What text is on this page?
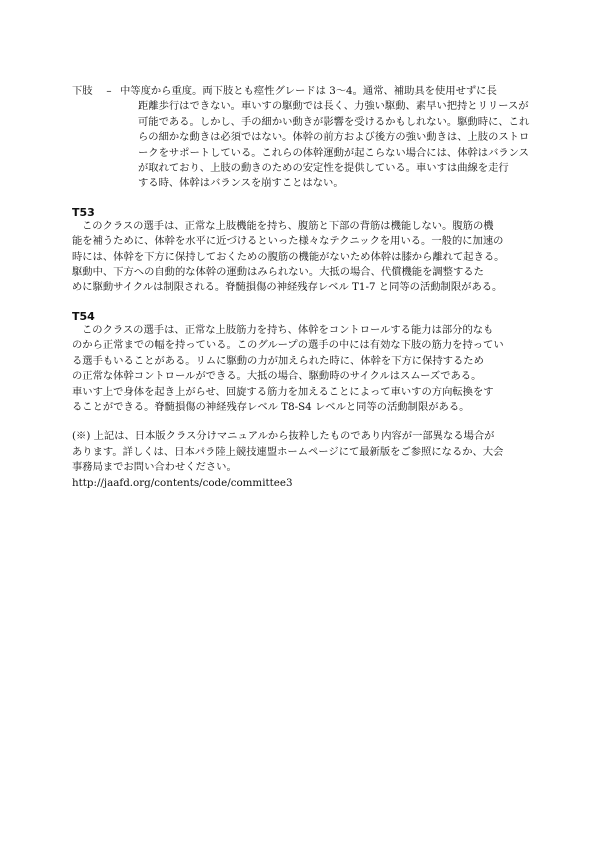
下肢	– 中等度から重度。両下肢とも痙性グレードは 3～4。通常、補助具を使用せずに長
距離歩行はできない。車いすの駆動では長く、力強い駆動、素早い把持とリリースが
可能である。しかし、手の細かい動きが影響を受けるかもしれない。駆動時に、これ
らの細かな動きは必須ではない。体幹の前方および後方の強い動きは、上肢のストロ
ークをサポートしている。これらの体幹運動が起こらない場合には、体幹はバランス
が取れており、上肢の動きのための安定性を提供している。車いすは曲線を走行
する時、体幹はバランスを崩すことはない。
T53
このクラスの選手は、正常な上肢機能を持ち、腹筋と下部の背筋は機能しない。腹筋の機
能を補うために、体幹を水平に近づけるといった様々なテクニックを用いる。一般的に加速の
時には、体幹を下方に保持しておくための腹筋の機能がないため体幹は膝から離れて起きる。
駆動中、下方への自動的な体幹の運動はみられない。大抵の場合、代償機能を調整するた
めに駆動サイクルは制限される。脊髄損傷の神経残存レベル T1-7 と同等の活動制限がある。
T54
このクラスの選手は、正常な上肢筋力を持ち、体幹をコントロールする能力は部分的なも
のから正常までの幅を持っている。このグループの選手の中には有効な下肢の筋力を持ってい
る選手もいることがある。リムに駆動の力が加えられた時に、体幹を下方に保持するため
の正常な体幹コントロールができる。大抵の場合、駆動時のサイクルはスムーズである。
車いす上で身体を起き上がらせ、回旋する筋力を加えることによって車いすの方向転換をす
ることができる。脊髄損傷の神経残存レベル T8-S4 レベルと同等の活動制限がある。
(※) 上記は、日本版クラス分けマニュアルから抜粋したものであり内容が一部異なる場合が
あります。詳しくは、日本パラ陸上競技連盟ホームページにて最新版をご参照になるか、大会
事務局までお問い合わせください。
http://jaafd.org/contents/code/committee3
